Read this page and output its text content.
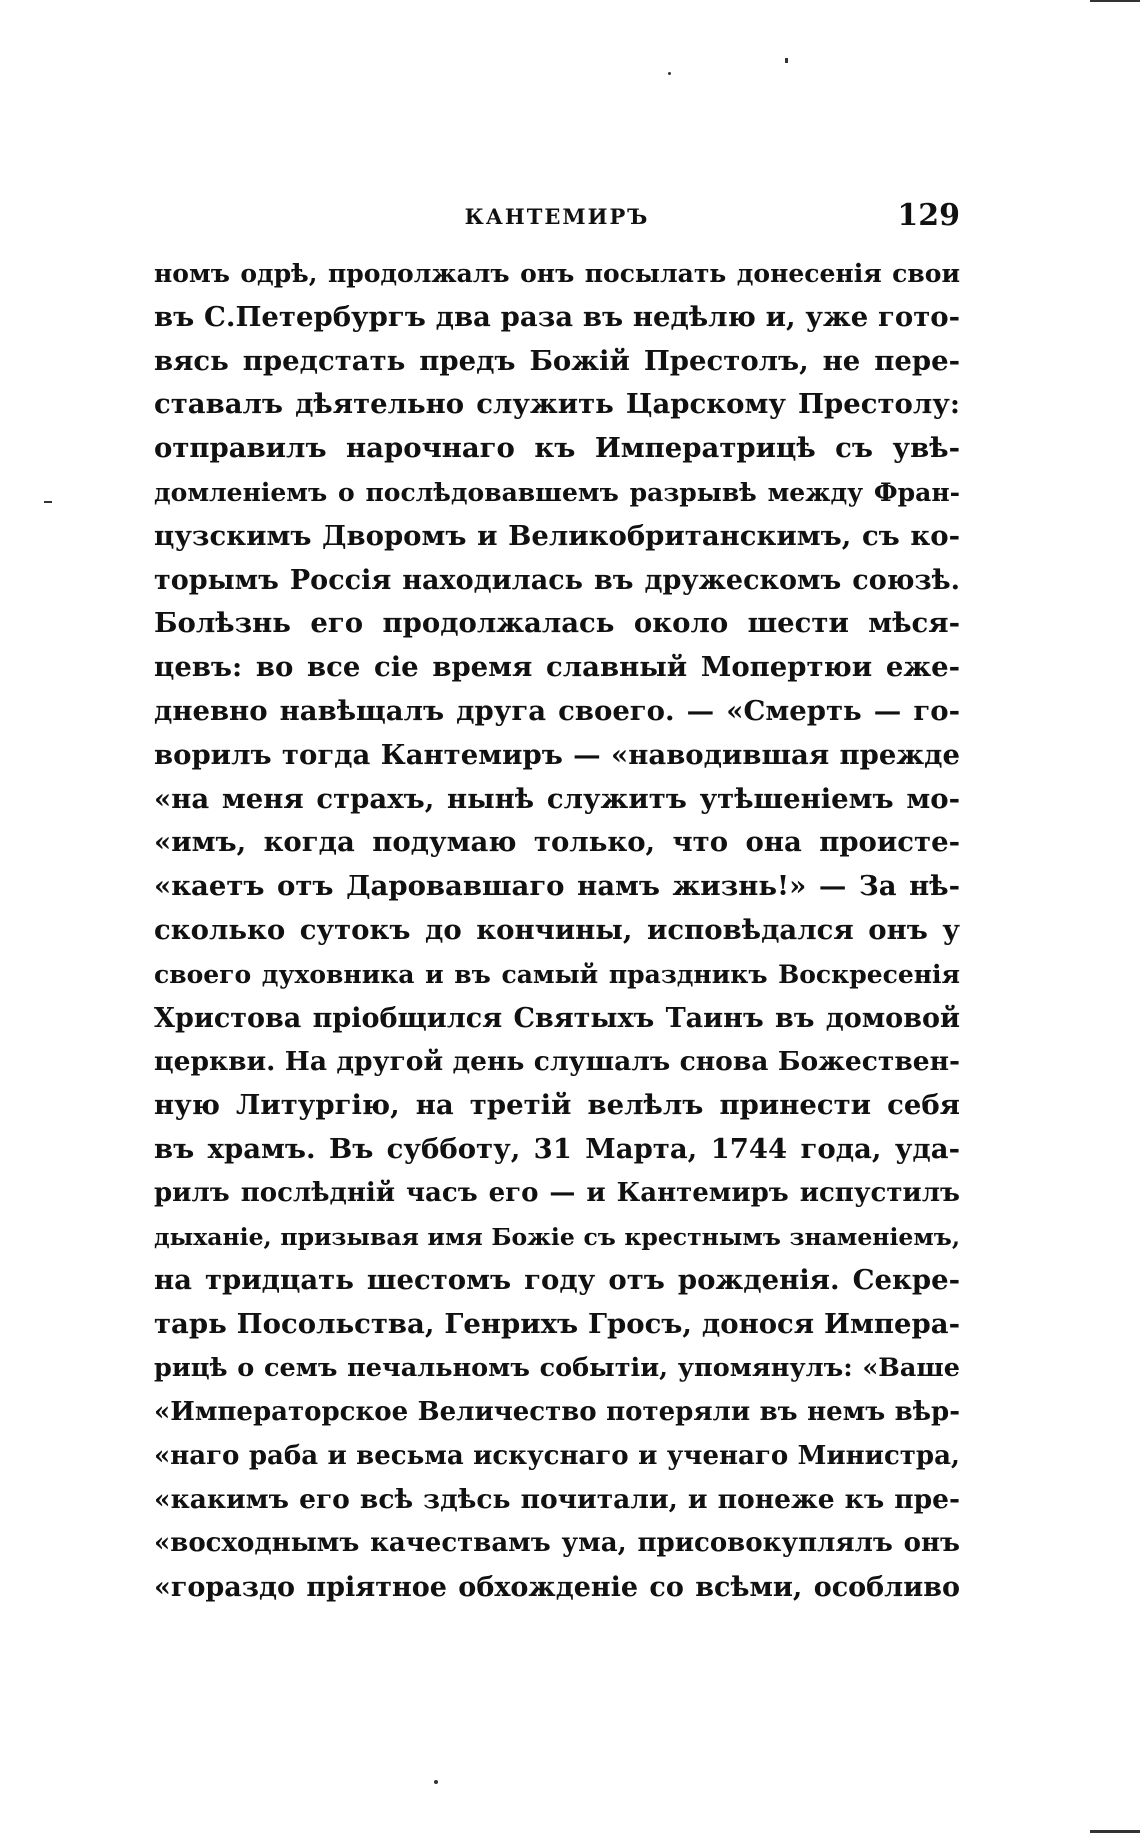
КАНТЕМИРЪ	129
номъ одрѣ, продолжалъ онъ посылать донесенія свои
въ С.Петербургъ два раза въ недѣлю и, уже гото-
вясь предстать предъ Божій Престолъ, не пере-
ставалъ дѣятельно служить Царскому Престолу:
отправилъ нарочнаго къ Императрицѣ съ увѣ-
домленіемъ о послѣдовавшемъ разрывѣ между Фран-
цузскимъ Дворомъ и Великобританскимъ, съ ко-
торымъ Россія находилась въ дружескомъ союзѣ.
Болѣзнь его продолжалась около шести мѣся-
цевъ: во все сіе время славный Мопертюи еже-
дневно навѣщалъ друга своего. — «Смерть — го-
ворилъ тогда Кантемиръ — «наводившая прежде
«на меня страхъ, нынѣ служитъ утѣшеніемъ мо-
«имъ, когда подумаю только, что она происте-
«каетъ отъ Даровавшаго намъ жизнь!» — За нѣ-
сколько сутокъ до кончины, исповѣдался онъ у
своего духовника и въ самый праздникъ Воскресенія
Христова пріобщился Святыхъ Таинъ въ домовой
церкви. На другой день слушалъ снова Божествен-
ную Литургію, на третій велѣлъ принести себя
въ храмъ. Въ субботу, 31 Марта, 1744 года, уда-
рилъ послѣдній часъ его — и Кантемиръ испустилъ
дыханіе, призывая имя Божіе съ крестнымъ знаменіемъ,
на тридцать шестомъ году отъ рожденія. Секре-
тарь Посольства, Генрихъ Гросъ, донося Импера-
рицѣ о семъ печальномъ событіи, упомянулъ: «Ваше
«Императорское Величество потеряли въ немъ вѣр-
«наго раба и весьма искуснаго и ученаго Министра,
«какимъ его всѣ здѣсь почитали, и понеже къ пре-
«восходнымъ качествамъ ума, присовокуплялъ онъ
«гораздо пріятное обхожденіе со всѣми, особливо
